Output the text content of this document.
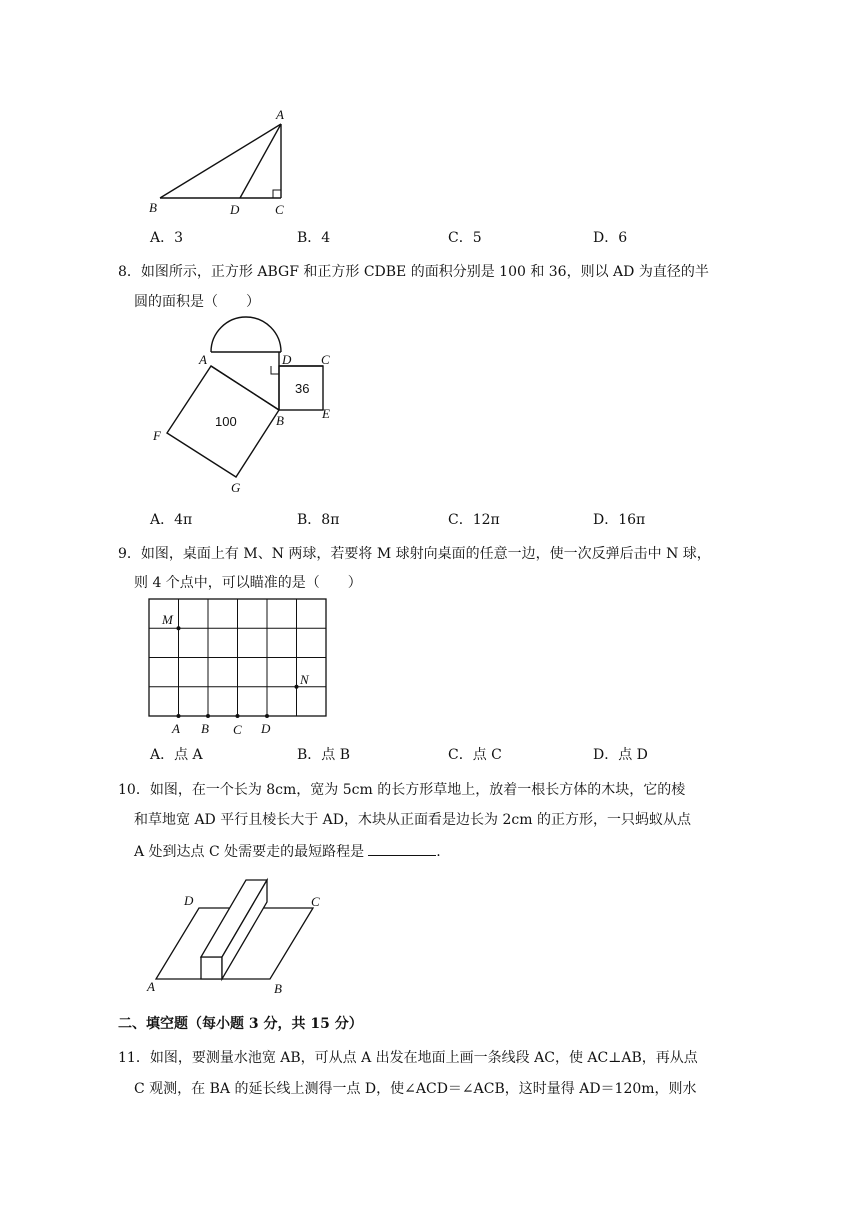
A
B	D	C
A．3	B．4	C．5	D．6
8．如图所示，正方形 ABGF 和正方形 CDBE 的面积分别是 100 和 36，则以 AD 为直径的半
圆的面积是（　　）
A	D C
B	E
F
G
36
100
A．4π	B．8π	C．12π	D．16π
9．如图，桌面上有 M、N 两球，若要将 M 球射向桌面的任意一边，使一次反弹后击中 N 球，
则 4 个点中，可以瞄准的是（　　）
M
N
A B C D
A．点 A	B．点 B	C．点 C	D．点 D
10．如图，在一个长为 8cm，宽为 5cm 的长方形草地上，放着一根长方体的木块，它的棱
和草地宽 AD 平行且棱长大于 AD，木块从正面看是边长为 2cm 的正方形，一只蚂蚁从点
A 处到达点 C 处需要走的最短路程是	.
D	C
A	B
二、填空题（每小题 3 分，共 15 分）
11．如图，要测量水池宽 AB，可从点 A 出发在地面上画一条线段 AC，使 AC⊥AB，再从点
C 观测，在 BA 的延长线上测得一点 D，使∠ACD＝∠ACB，这时量得 AD＝120m，则水
